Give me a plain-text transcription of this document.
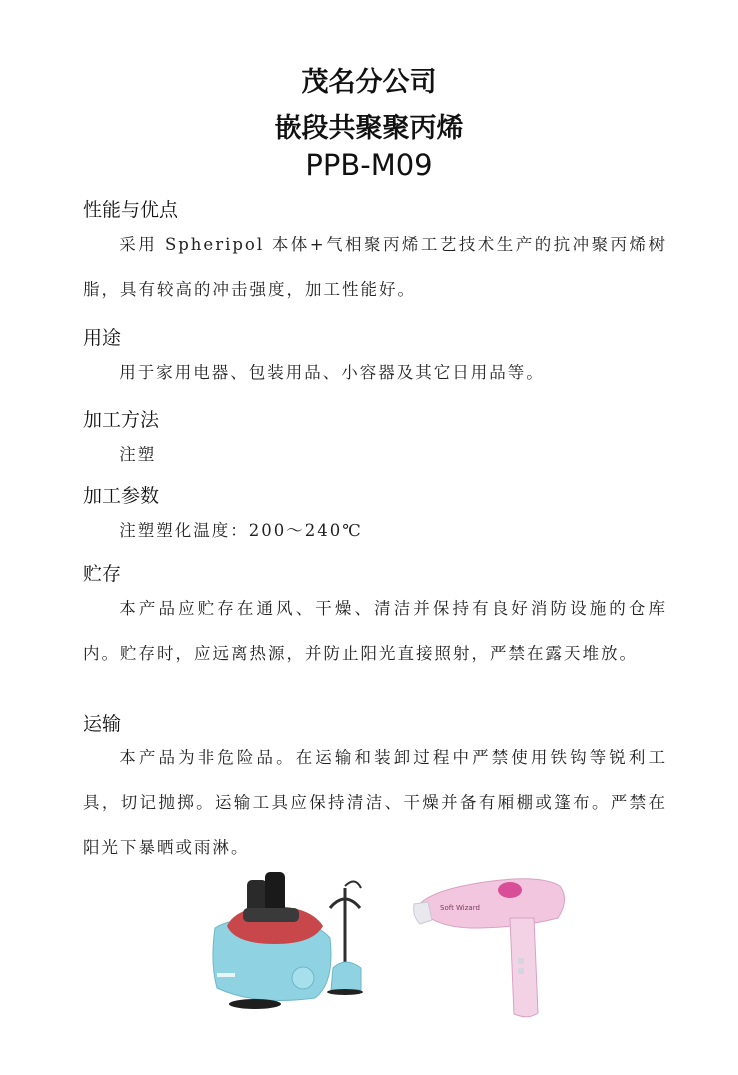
茂名分公司
嵌段共聚聚丙烯
PPB-M09
性能与优点

采用 Spheripol 本体+气相聚丙烯工艺技术生产的抗冲聚丙烯树脂，具有较高的冲击强度，加工性能好。

用途

用于家用电器、包装用品、小容器及其它日用品等。

加工方法

注塑

加工参数

注塑塑化温度：200～240℃

贮存

本产品应贮存在通风、干燥、清洁并保持有良好消防设施的仓库内。贮存时，应远离热源，并防止阳光直接照射，严禁在露天堆放。

运输

本产品为非危险品。在运输和装卸过程中严禁使用铁钩等锐利工具，切记抛掷。运输工具应保持清洁、干燥并备有厢棚或篷布。严禁在阳光下暴晒或雨淋。

Soft Wizard
